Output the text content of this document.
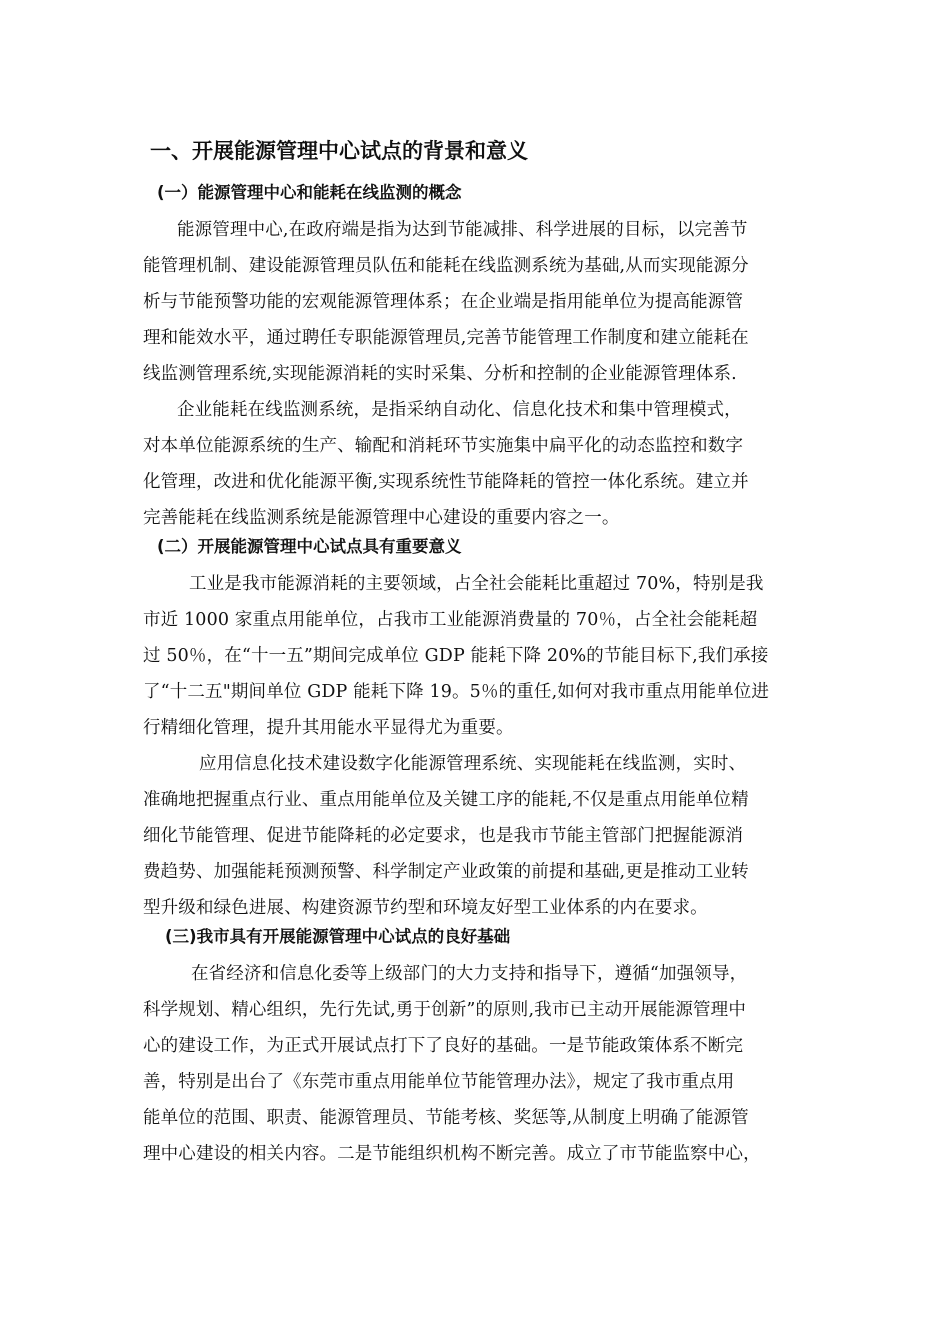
一、开展能源管理中心试点的背景和意义
(一）能源管理中心和能耗在线监测的概念
能源管理中心,在政府端是指为达到节能减排、科学进展的目标，以完善节
能管理机制、建设能源管理员队伍和能耗在线监测系统为基础,从而实现能源分
析与节能预警功能的宏观能源管理体系；在企业端是指用能单位为提高能源管
理和能效水平，通过聘任专职能源管理员,完善节能管理工作制度和建立能耗在
线监测管理系统,实现能源消耗的实时采集、分析和控制的企业能源管理体系.
企业能耗在线监测系统，是指采纳自动化、信息化技术和集中管理模式，
对本单位能源系统的生产、输配和消耗环节实施集中扁平化的动态监控和数字
化管理，改进和优化能源平衡,实现系统性节能降耗的管控一体化系统。建立并
完善能耗在线监测系统是能源管理中心建设的重要内容之一。
(二）开展能源管理中心试点具有重要意义
工业是我市能源消耗的主要领域，占全社会能耗比重超过 70%，特别是我
市近 1000 家重点用能单位，占我市工业能源消费量的 70％，占全社会能耗超
过 50％，在“十一五”期间完成单位 GDP 能耗下降 20%的节能目标下,我们承接
了“十二五"期间单位 GDP 能耗下降 19。5％的重任,如何对我市重点用能单位进
行精细化管理，提升其用能水平显得尤为重要。
应用信息化技术建设数字化能源管理系统、实现能耗在线监测，实时、
准确地把握重点行业、重点用能单位及关键工序的能耗,不仅是重点用能单位精
细化节能管理、促进节能降耗的必定要求，也是我市节能主管部门把握能源消
费趋势、加强能耗预测预警、科学制定产业政策的前提和基础,更是推动工业转
型升级和绿色进展、构建资源节约型和环境友好型工业体系的内在要求。
(三)我市具有开展能源管理中心试点的良好基础
在省经济和信息化委等上级部门的大力支持和指导下，遵循“加强领导，
科学规划、精心组织，先行先试,勇于创新”的原则,我市已主动开展能源管理中
心的建设工作，为正式开展试点打下了良好的基础。一是节能政策体系不断完
善，特别是出台了《东莞市重点用能单位节能管理办法》，规定了我市重点用
能单位的范围、职责、能源管理员、节能考核、奖惩等,从制度上明确了能源管
理中心建设的相关内容。二是节能组织机构不断完善。成立了市节能监察中心，
